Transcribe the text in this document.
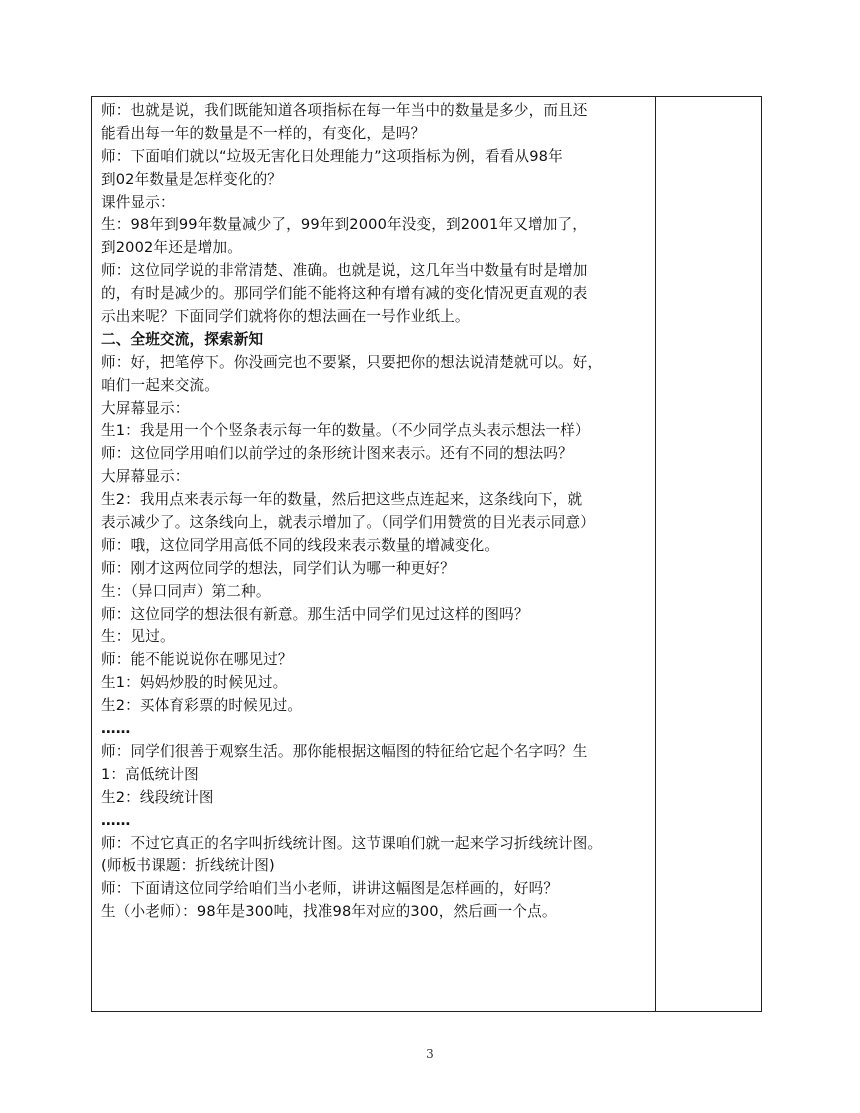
师：也就是说，我们既能知道各项指标在每一年当中的数量是多少，而且还
能看出每一年的数量是不一样的，有变化，是吗？
师：下面咱们就以“垃圾无害化日处理能力”这项指标为例，看看从98年
到02年数量是怎样变化的？
课件显示：
生：98年到99年数量减少了，99年到2000年没变，到2001年又增加了，
到2002年还是增加。
师：这位同学说的非常清楚、准确。也就是说，这几年当中数量有时是增加
的，有时是减少的。那同学们能不能将这种有增有减的变化情况更直观的表
示出来呢？下面同学们就将你的想法画在一号作业纸上。
二、全班交流，探索新知
师：好，把笔停下。你没画完也不要紧，只要把你的想法说清楚就可以。好，
咱们一起来交流。
大屏幕显示：
生1：我是用一个个竖条表示每一年的数量。（不少同学点头表示想法一样）
师：这位同学用咱们以前学过的条形统计图来表示。还有不同的想法吗？
大屏幕显示：
生2：我用点来表示每一年的数量，然后把这些点连起来，这条线向下，就
表示减少了。这条线向上，就表示增加了。（同学们用赞赏的目光表示同意）
师：哦，这位同学用高低不同的线段来表示数量的增减变化。
师：刚才这两位同学的想法，同学们认为哪一种更好？
生：（异口同声）第二种。
师：这位同学的想法很有新意。那生活中同学们见过这样的图吗？
生：见过。
师：能不能说说你在哪见过？
生1：妈妈炒股的时候见过。
生2：买体育彩票的时候见过。
……
师：同学们很善于观察生活。那你能根据这幅图的特征给它起个名字吗？生
1：高低统计图
生2：线段统计图
……
师：不过它真正的名字叫折线统计图。这节课咱们就一起来学习折线统计图。
(师板书课题：折线统计图)
师：下面请这位同学给咱们当小老师，讲讲这幅图是怎样画的，好吗？
生（小老师）：98年是300吨，找准98年对应的300，然后画一个点。
3
